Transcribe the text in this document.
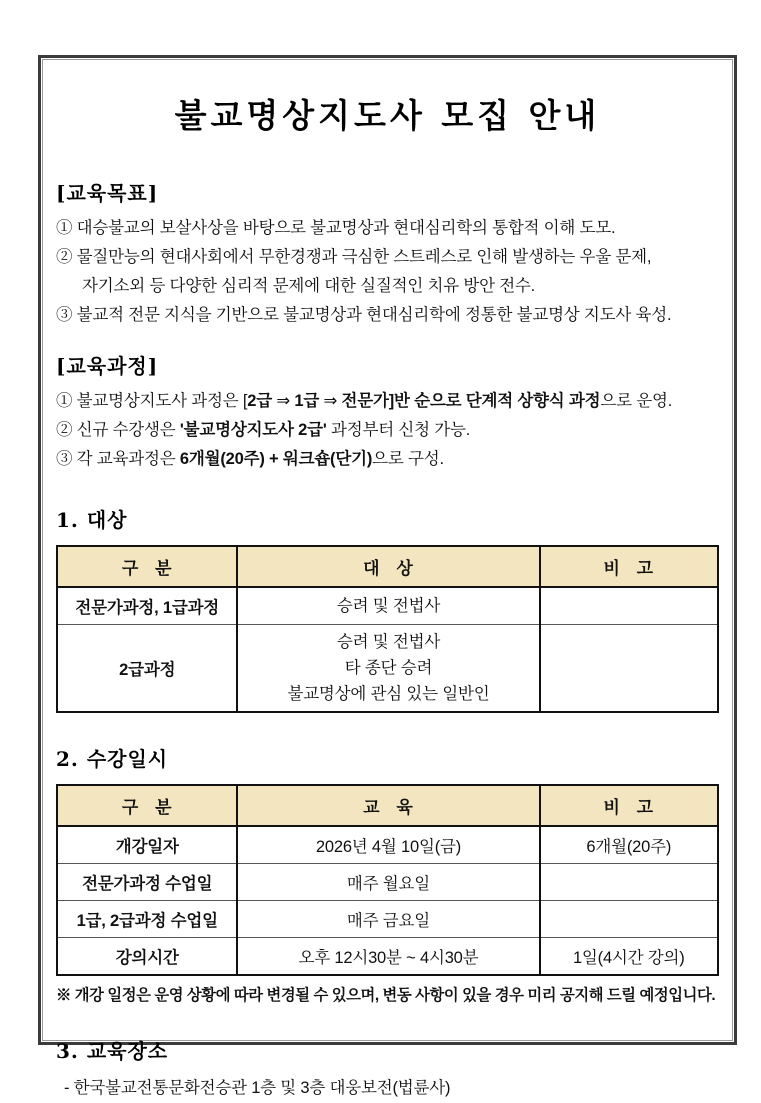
불교명상지도사 모집 안내
[교육목표]

① 대승불교의 보살사상을 바탕으로 불교명상과 현대심리학의 통합적 이해 도모.

② 물질만능의 현대사회에서 무한경쟁과 극심한 스트레스로 인해 발생하는 우울 문제,

자기소외 등 다양한 심리적 문제에 대한 실질적인 치유 방안 전수.

③ 불교적 전문 지식을 기반으로 불교명상과 현대심리학에 정통한 불교명상 지도사 육성.

[교육과정]

① 불교명상지도사 과정은 [2급 ⇒ 1급 ⇒ 전문가]반 순으로 단계적 상향식 과정으로 운영.

② 신규 수강생은 '불교명상지도사 2급' 과정부터 신청 가능.

③ 각 교육과정은 6개월(20주) + 워크숍(단기)으로 구성.

1. 대상
구 분	대 상	비 고
전문가과정, 1급과정	승려 및 전법사	

2급과정	승려 및 전법사
타 종단 승려
불교명상에 관심 있는 일반인	

2. 수강일시
구 분	교 육	비 고
개강일자	2026년 4월 10일(금)	6개월(20주)
전문가과정 수업일	매주 월요일	
1급, 2급과정 수업일	매주 금요일	
강의시간	오후 12시30분 ~ 4시30분	1일(4시간 강의)

※ 개강 일정은 운영 상황에 따라 변경될 수 있으며, 변동 사항이 있을 경우 미리 공지해 드릴 예정입니다.

3. 교육장소

- 한국불교전통문화전승관 1층 및 3층 대웅보전(법륜사)
